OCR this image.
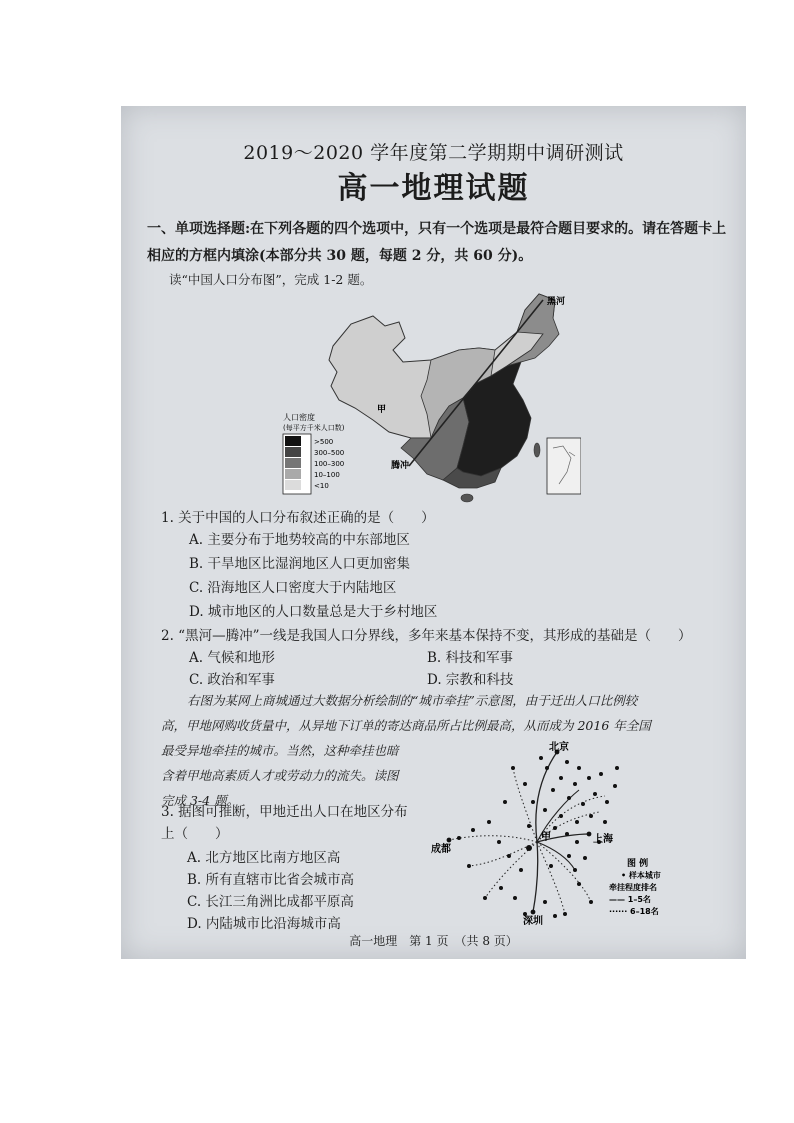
2019～2020 学年度第二学期期中调研测试
高一地理试题
一、单项选择题:在下列各题的四个选项中，只有一个选项是最符合题目要求的。请在答题卡上相应的方框内填涂(本部分共 30 题，每题 2 分，共 60 分)。
读“中国人口分布图”，完成 1-2 题。
人口密度
(每平方千米人口数)
>500
300–500
100–300
10–100
<10
黑河
甲
腾冲
1. 关于中国的人口分布叙述正确的是（　　）
A. 主要分布于地势较高的中东部地区
B. 干旱地区比湿润地区人口更加密集
C. 沿海地区人口密度大于内陆地区
D. 城市地区的人口数量总是大于乡村地区
2. “黑河—腾冲”一线是我国人口分界线，多年来基本保持不变，其形成的基础是（　　）
A. 气候和地形	B. 科技和军事
C. 政治和军事	D. 宗教和科技
右图为某网上商城通过大数据分析绘制的“城市牵挂”示意图，由于迁出人口比例较
高，甲地网购收货量中，从异地下订单的寄达商品所占比例最高，从而成为 2016 年全国
最受异地牵挂的城市。当然，这种牵挂也暗
含着甲地高素质人才或劳动力的流失。读图
完成 3-4 题。
3. 据图可推断，甲地迁出人口在地区分布
上（　　）
A. 北方地区比南方地区高
B. 所有直辖市比省会城市高
C. 长江三角洲比成都平原高
D. 内陆城市比沿海城市高
北京
甲	上海
成都
深圳
图 例
• 样本城市
牵挂程度排名
—— 1–5名
······ 6–18名
高一地理　第 1 页　（共 8 页）
